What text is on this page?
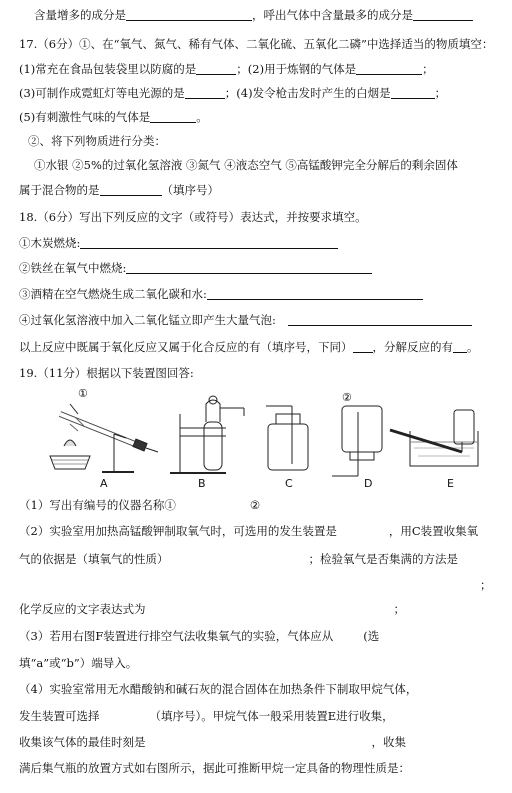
含量增多的成分是	，呼出气体中含量最多的成分是
17.（6分）①、在“氧气、氮气、稀有气体、二氧化硫、五氧化二磷”中选择适当的物质填空：
(1)常充在食品包装袋里以防腐的是	；(2)用于炼钢的气体是	；
(3)可制作成霓虹灯等电光源的是	；(4)发令枪击发时产生的白烟是	；
(5)有刺激性气味的气体是	。
②、将下列物质进行分类：
①水银 ②5%的过氧化氢溶液 ③氮气 ④液态空气 ⑤高锰酸钾完全分解后的剩余固体
属于混合物的是	（填序号）
18.（6分）写出下列反应的文字（或符号）表达式，并按要求填空。
①木炭燃烧:
②铁丝在氧气中燃烧:
③酒精在空气燃烧生成二氧化碳和水:
④过氧化氢溶液中加入二氧化锰立即产生大量气泡:
以上反应中既属于氧化反应又属于化合反应的有（填序号，下同） ，分解反应的有 。
19.（11分）根据以下装置图回答:
①	②
A	B	C	D	E
（1）写出有编号的仪器名称①	②
（2）实验室用加热高锰酸钾制取氧气时，可选用的发生装置是	，用C装置收集氧
气的依据是（填氧气的性质）	；检验氧气是否集满的方法是
；
化学反应的文字表达式为	；
（3）若用右图F装置进行排空气法收集氧气的实验，气体应从	(选
填“a”或“b”）端导入。
（4）实验室常用无水醋酸钠和碱石灰的混合固体在加热条件下制取甲烷气体，
发生装置可选择	（填序号）。甲烷气体一般采用装置E进行收集，
收集该气体的最佳时刻是	，收集
满后集气瓶的放置方式如右图所示，据此可推断甲烷一定具备的物理性质是：
